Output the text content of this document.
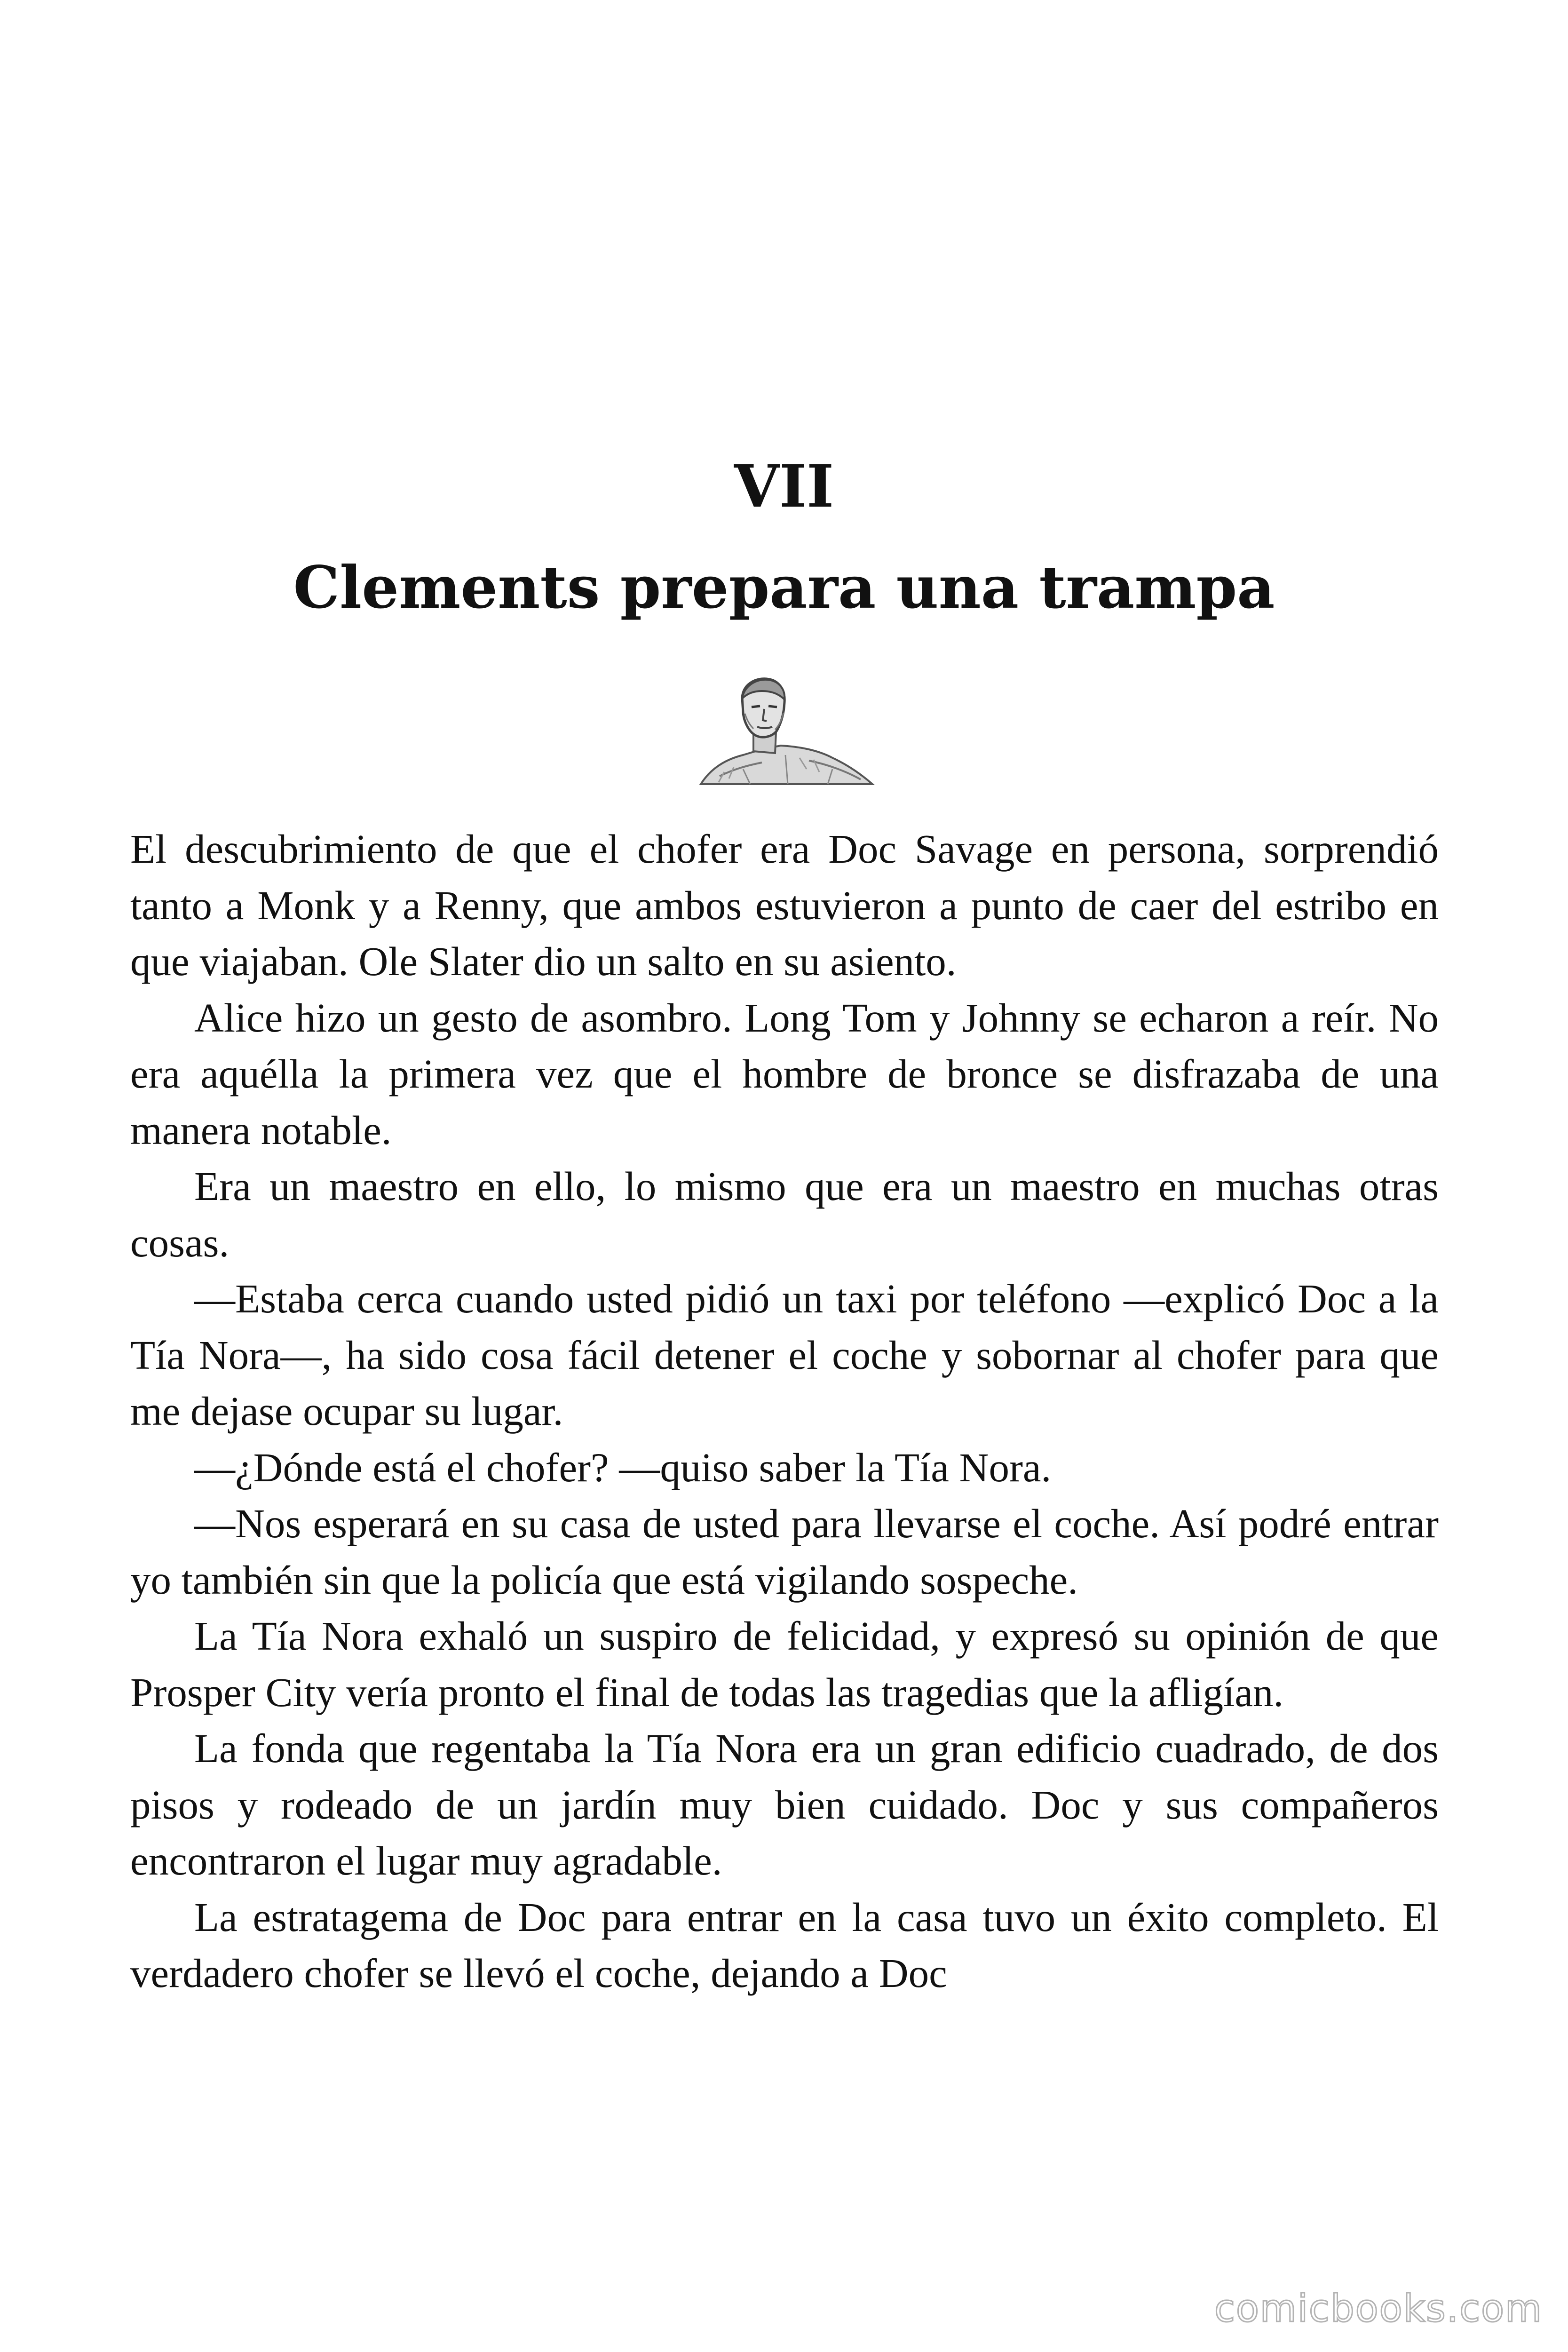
VII
Clements prepara una trampa

El descubrimiento de que el chofer era Doc Savage en persona, sorprendió tanto a Monk y a Renny, que ambos estuvieron a punto de caer del estribo en que viajaban. Ole Slater dio un salto en su asiento.

Alice hizo un gesto de asombro. Long Tom y Johnny se echaron a reír. No era aquélla la primera vez que el hombre de bronce se disfrazaba de una manera notable.

Era un maestro en ello, lo mismo que era un maestro en muchas otras cosas.

—Estaba cerca cuando usted pidió un taxi por teléfono —explicó Doc a la Tía Nora—, ha sido cosa fácil detener el coche y sobornar al chofer para que me dejase ocupar su lugar.

—¿Dónde está el chofer? —quiso saber la Tía Nora.

—Nos esperará en su casa de usted para llevarse el coche. Así podré entrar yo también sin que la policía que está vigilando sospeche.

La Tía Nora exhaló un suspiro de felicidad, y expresó su opinión de que Prosper City vería pronto el final de todas las tragedias que la afligían.

La fonda que regentaba la Tía Nora era un gran edificio cuadrado, de dos pisos y rodeado de un jardín muy bien cuidado. Doc y sus compañeros encontraron el lugar muy agradable.

La estratagema de Doc para entrar en la casa tuvo un éxito completo. El verdadero chofer se llevó el coche, dejando a Doc

comicbooks.com
